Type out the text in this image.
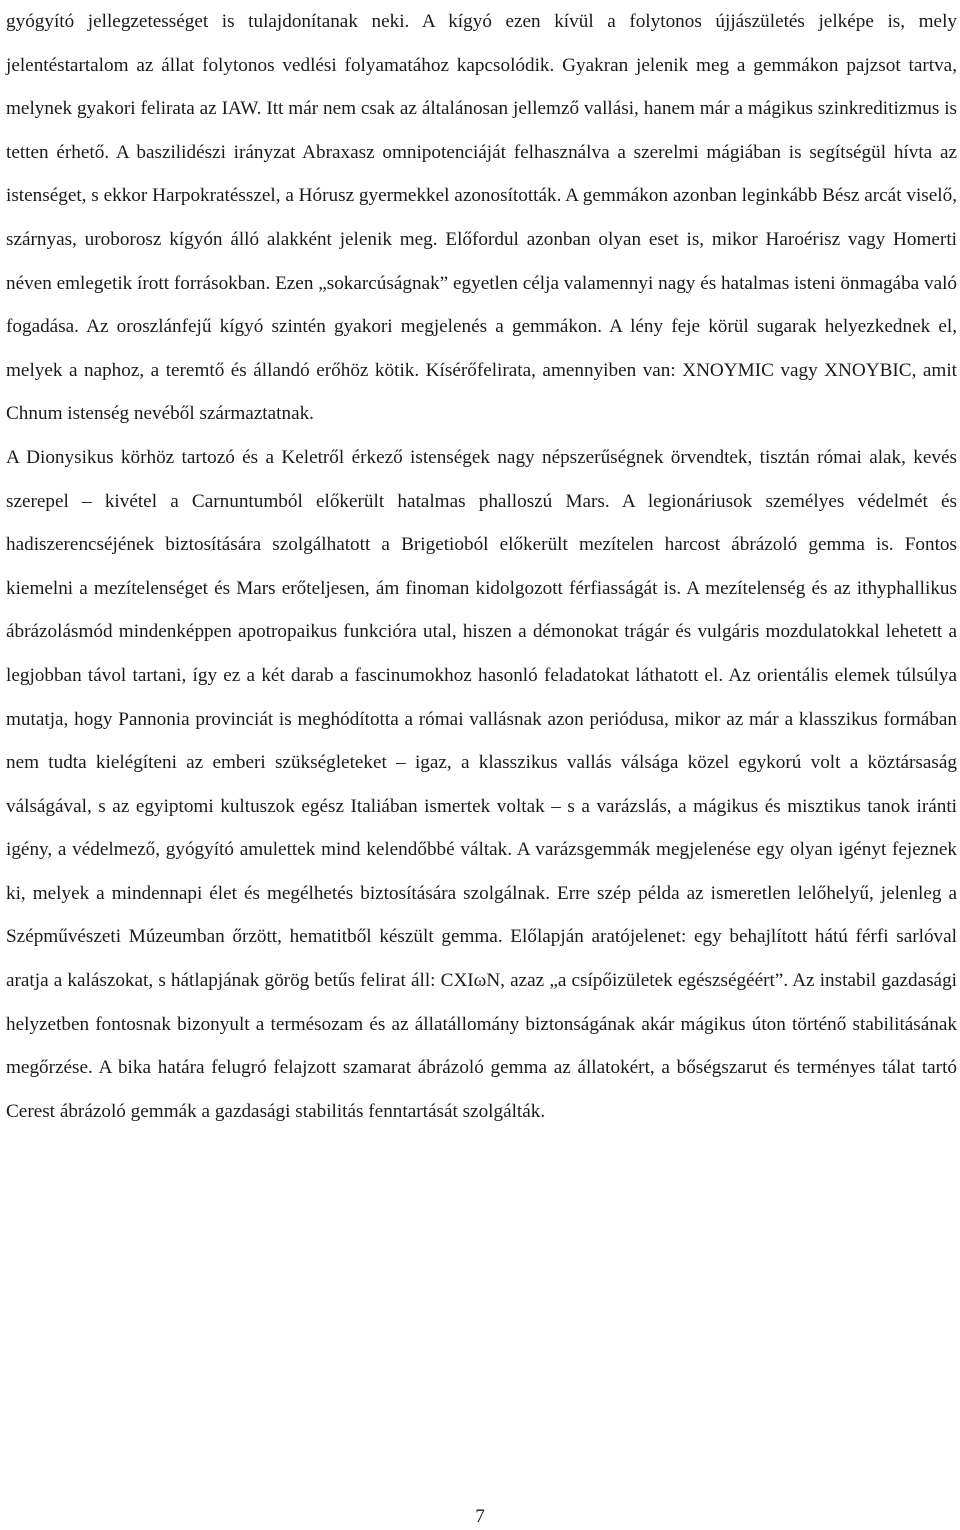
gyógyító jellegzetességet is tulajdonítanak neki. A kígyó ezen kívül a folytonos újjászületés jelképe is, mely jelentéstartalom az állat folytonos vedlési folyamatához kapcsolódik. Gyakran jelenik meg a gemmákon pajzsot tartva, melynek gyakori felirata az IAW. Itt már nem csak az általánosan jellemző vallási, hanem már a mágikus szinkreditizmus is tetten érhető. A baszilidészi irányzat Abraxasz omnipotenciáját felhasználva a szerelmi mágiában is segítségül hívta az istenséget, s ekkor Harpokratésszel, a Hórusz gyermekkel azonosították. A gemmákon azonban leginkább Bész arcát viselő, szárnyas, uroborosz kígyón álló alakként jelenik meg. Előfordul azonban olyan eset is, mikor Haroérisz vagy Homerti néven emlegetik írott forrásokban. Ezen „sokarcúságnak” egyetlen célja valamennyi nagy és hatalmas isteni önmagába való fogadása. Az oroszlánfejű kígyó szintén gyakori megjelenés a gemmákon. A lény feje körül sugarak helyezkednek el, melyek a naphoz, a teremtő és állandó erőhöz kötik. Kísérőfelirata, amennyiben van: XNOYMIC vagy XNOYBIC, amit Chnum istenség nevéből származtatnak.

A Dionysikus körhöz tartozó és a Keletről érkező istenségek nagy népszerűségnek örvendtek, tisztán római alak, kevés szerepel – kivétel a Carnuntumból előkerült hatalmas phalloszú Mars. A legionáriusok személyes védelmét és hadiszerencséjének biztosítására szolgálhatott a Brigetioból előkerült mezítelen harcost ábrázoló gemma is. Fontos kiemelni a mezítelenséget és Mars erőteljesen, ám finoman kidolgozott férfiasságát is. A mezítelenség és az ithyphallikus ábrázolásmód mindenképpen apotropaikus funkcióra utal, hiszen a démonokat trágár és vulgáris mozdulatokkal lehetett a legjobban távol tartani, így ez a két darab a fascinumokhoz hasonló feladatokat láthatott el. Az orientális elemek túlsúlya mutatja, hogy Pannonia provinciát is meghódította a római vallásnak azon periódusa, mikor az már a klasszikus formában nem tudta kielégíteni az emberi szükségleteket – igaz, a klasszikus vallás válsága közel egykorú volt a köztársaság válságával, s az egyiptomi kultuszok egész Italiában ismertek voltak – s a varázslás, a mágikus és misztikus tanok iránti igény, a védelmező, gyógyító amulettek mind kelendőbbé váltak. A varázsgemmák megjelenése egy olyan igényt fejeznek ki, melyek a mindennapi élet és megélhetés biztosítására szolgálnak. Erre szép példa az ismeretlen lelőhelyű, jelenleg a Szépművészeti Múzeumban őrzött, hematitből készült gemma. Előlapján aratójelenet: egy behajlított hátú férfi sarlóval aratja a kalászokat, s hátlapjának görög betűs felirat áll: CXIωN, azaz „a csípőizületek egészségéért”. Az instabil gazdasági helyzetben fontosnak bizonyult a termésozam és az állatállomány biztonságának akár mágikus úton történő stabilitásának megőrzése. A bika határa felugró felajzott szamarat ábrázoló gemma az állatokért, a bőségszarut és terményes tálat tartó Cerest ábrázoló gemmák a gazdasági stabilitás fenntartását szolgálták.

7
